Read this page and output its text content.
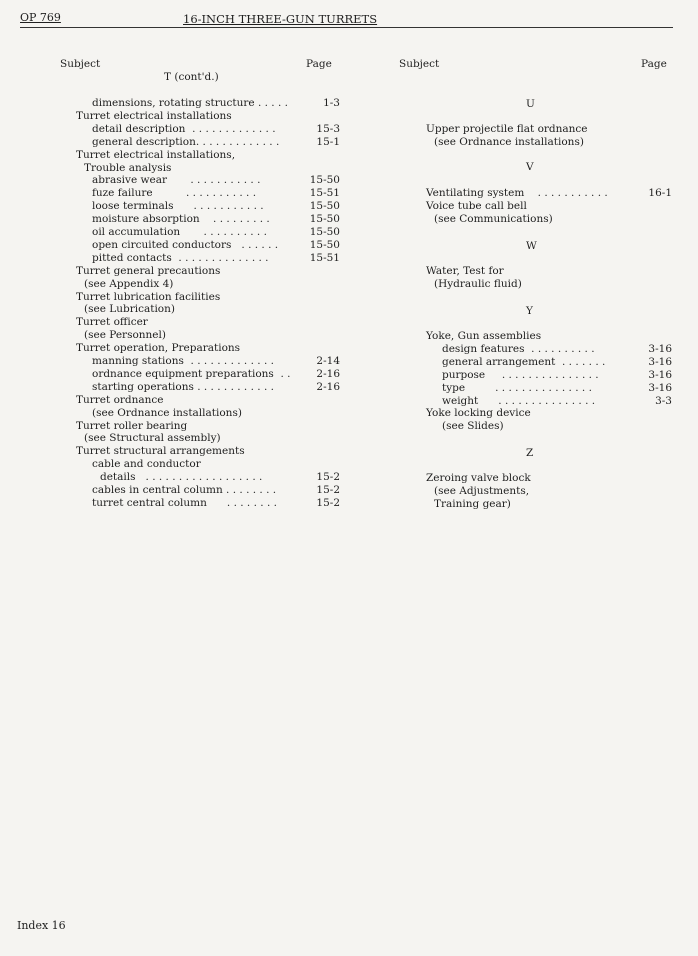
OP 769	16-INCH THREE-GUN TURRETS
Subject	Page	Subject	Page
T (cont'd.)
dimensions, rotating structure . . . . .	1-3
Turret electrical installations
detail description  . . . . . . . . . . . . .	15-3
general description. . . . . . . . . . . . .	15-1
Turret electrical installations,
Trouble analysis
abrasive wear       . . . . . . . . . . .	15-50
fuze failure          . . . . . . . . . . .	15-51
loose terminals      . . . . . . . . . . .	15-50
moisture absorption    . . . . . . . . .	15-50
oil accumulation       . . . . . . . . . .	15-50
open circuited conductors   . . . . . .	15-50
pitted contacts  . . . . . . . . . . . . . .	15-51
Turret general precautions
(see Appendix 4)
Turret lubrication facilities
(see Lubrication)
Turret officer
(see Personnel)
Turret operation, Preparations
manning stations  . . . . . . . . . . . . .	2-14
ordnance equipment preparations  . . 2-16
starting operations . . . . . . . . . . . .	2-16
Turret ordnance
(see Ordnance installations)
Turret roller bearing
(see Structural assembly)
Turret structural arrangements
cable and conductor
details   . . . . . . . . . . . . . . . . . .	15-2
cables in central column . . . . . . . .	15-2
turret central column      . . . . . . . .	15-2
U
Upper projectile flat ordnance
(see Ordnance installations)
V
Ventilating system    . . . . . . . . . . .	16-1
Voice tube call bell
(see Communications)
W
Water, Test for
(Hydraulic fluid)
Y
Yoke, Gun assemblies
design features  . . . . . . . . . .	3-16
general arrangement  . . . . . . .	3-16
purpose     . . . . . . . . . . . . . . .	3-16
type         . . . . . . . . . . . . . . .	3-16
weight      . . . . . . . . . . . . . . .	3-3
Yoke locking device
(see Slides)
Z
Zeroing valve block
(see Adjustments,
Training gear)
Index 16
